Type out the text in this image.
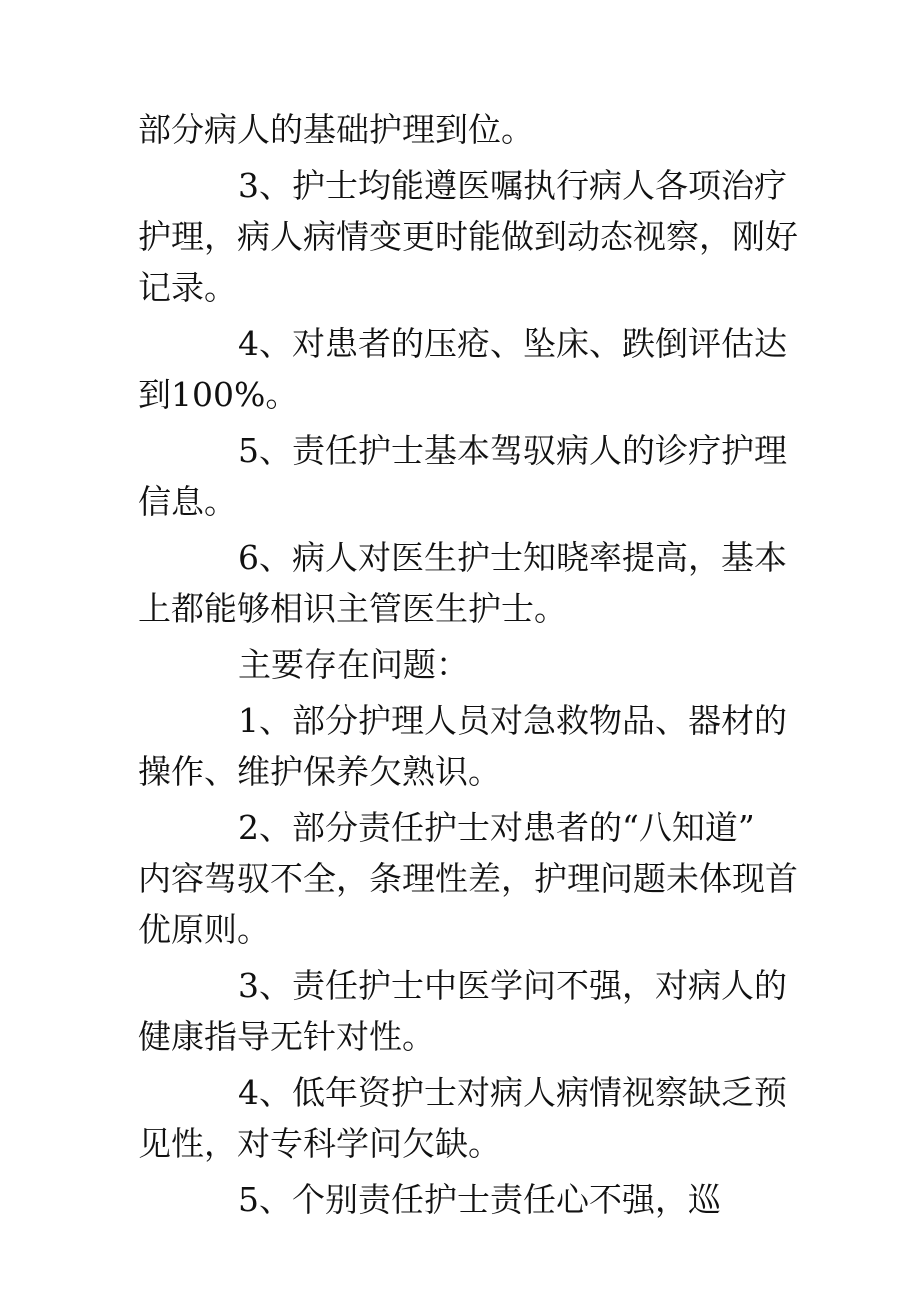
部分病人的基础护理到位。
3、护士均能遵医嘱执行病人各项治疗
护理，病人病情变更时能做到动态视察，刚好
记录。
4、对患者的压疮、坠床、跌倒评估达
到100%。
5、责任护士基本驾驭病人的诊疗护理
信息。
6、病人对医生护士知晓率提高，基本
上都能够相识主管医生护士。
主要存在问题：
1、部分护理人员对急救物品、器材的
操作、维护保养欠熟识。
2、部分责任护士对患者的“八知道”
内容驾驭不全，条理性差，护理问题未体现首
优原则。
3、责任护士中医学问不强，对病人的
健康指导无针对性。
4、低年资护士对病人病情视察缺乏预
见性，对专科学问欠缺。
5、个别责任护士责任心不强，巡
